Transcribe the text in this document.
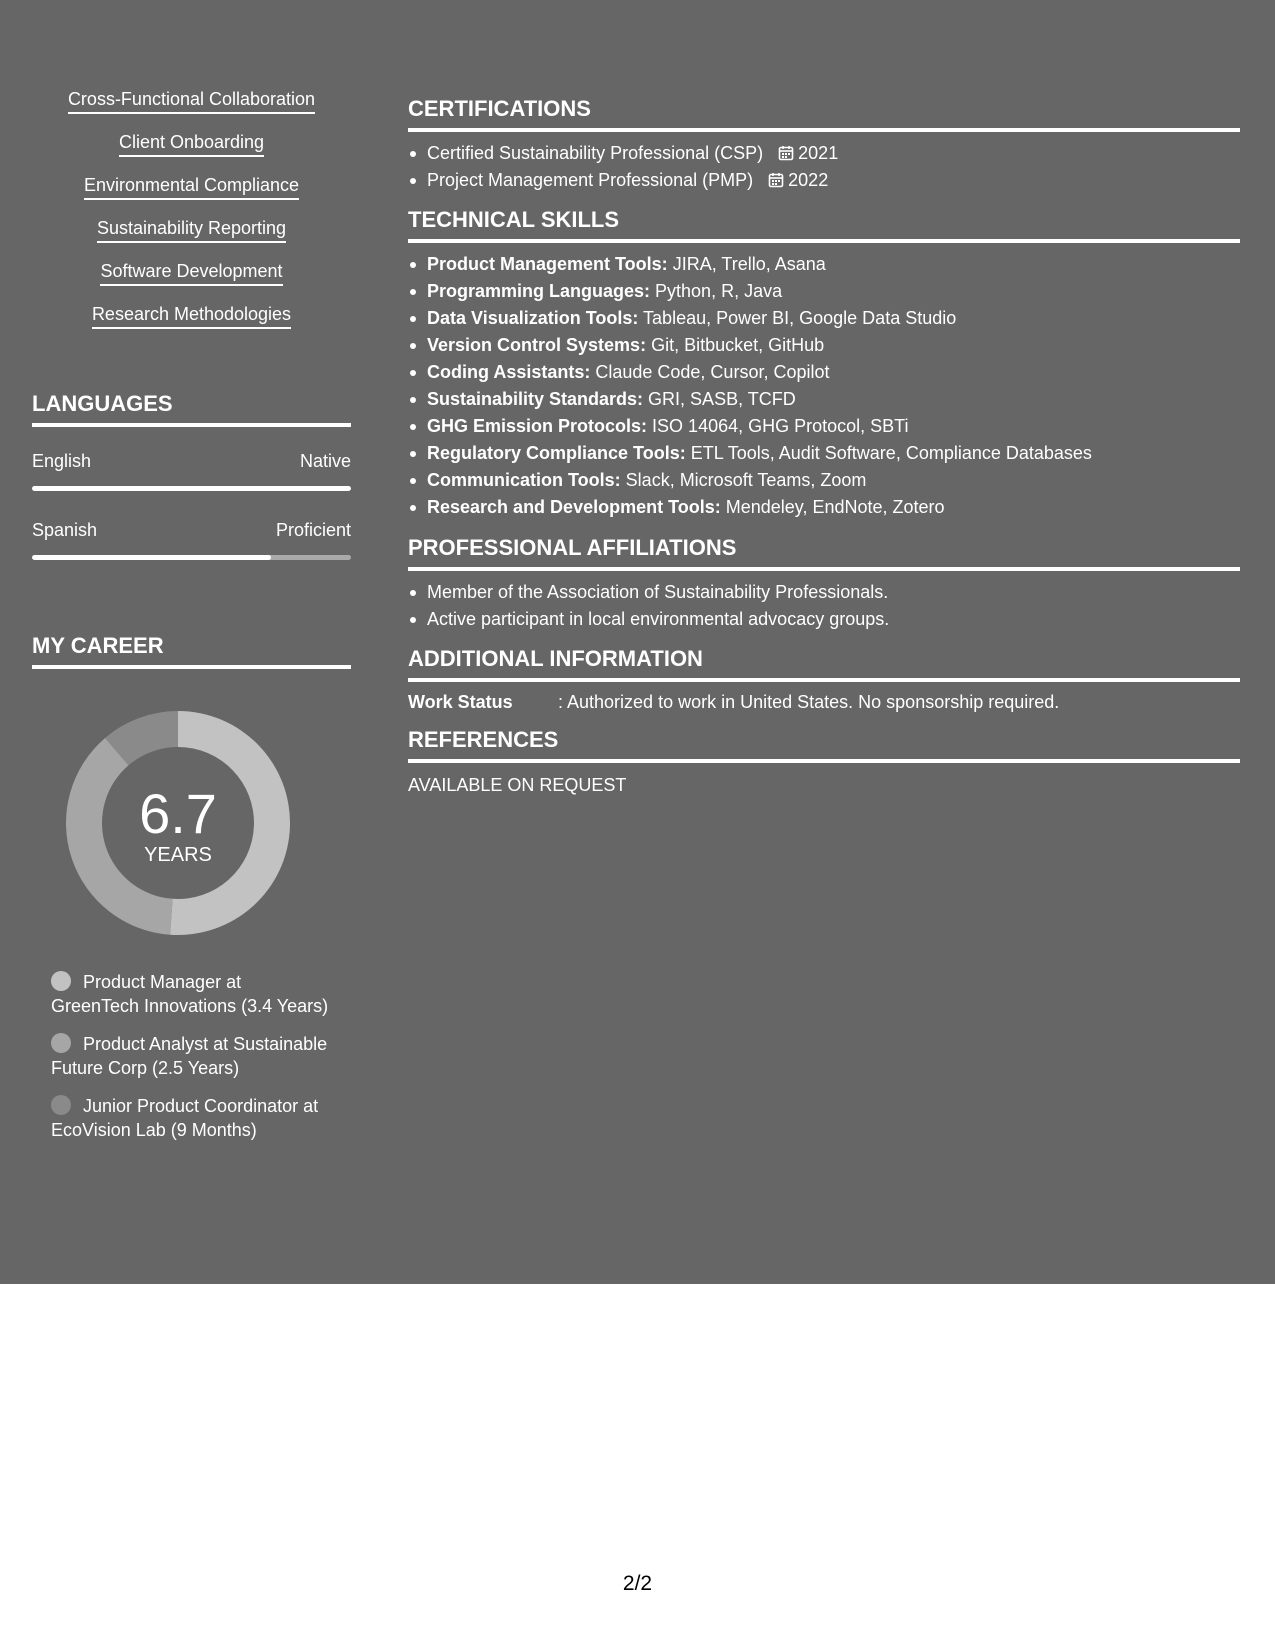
Cross-Functional Collaboration
Client Onboarding
Environmental Compliance
Sustainability Reporting
Software Development
Research Methodologies
LANGUAGES
English	Native
Spanish	Proficient
MY CAREER
6.7
YEARS
Product Manager at GreenTech Innovations (3.4 Years)
Product Analyst at Sustainable Future Corp (2.5 Years)
Junior Product Coordinator at EcoVision Lab (9 Months)
CERTIFICATIONS
Certified Sustainability Professional (CSP) 2021
Project Management Professional (PMP) 2022
TECHNICAL SKILLS
Product Management Tools: JIRA, Trello, Asana
Programming Languages: Python, R, Java
Data Visualization Tools: Tableau, Power BI, Google Data Studio
Version Control Systems: Git, Bitbucket, GitHub
Coding Assistants: Claude Code, Cursor, Copilot
Sustainability Standards: GRI, SASB, TCFD
GHG Emission Protocols: ISO 14064, GHG Protocol, SBTi
Regulatory Compliance Tools: ETL Tools, Audit Software, Compliance Databases
Communication Tools: Slack, Microsoft Teams, Zoom
Research and Development Tools: Mendeley, EndNote, Zotero
PROFESSIONAL AFFILIATIONS
Member of the Association of Sustainability Professionals.
Active participant in local environmental advocacy groups.
ADDITIONAL INFORMATION
Work Status	: Authorized to work in United States. No sponsorship required.
REFERENCES
AVAILABLE ON REQUEST
2/2
